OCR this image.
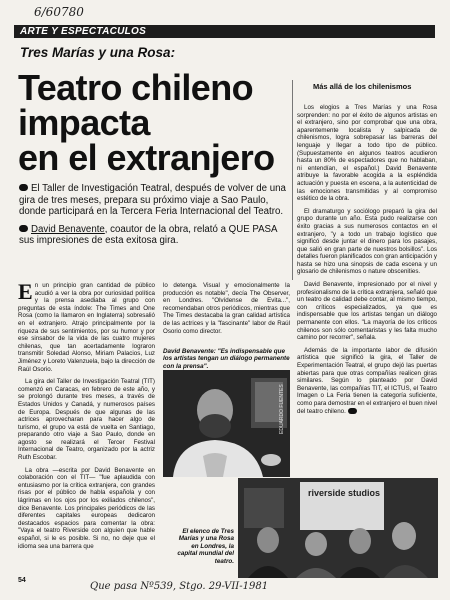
6/60780
ARTE Y ESPECTACULOS
Tres Marías y una Rosa:
Más allá de los chilenismos
Teatro chileno
impacta
en el extranjero

El Taller de Investigación Teatral, después de volver de una gira de tres meses, prepara su próximo viaje a Sao Paulo, donde participará en la Tercera Feria Internacional del Teatro.

David Benavente, coautor de la obra, relató a QUE PASA sus impresiones de esta exitosa gira.

Los elogios a Tres Marías y una Rosa sorprenden: no por el éxito de algunos artistas en el extranjero, sino por comprobar que una obra, aparentemente localista y salpicada de chilenismos, logra sobrepasar las barreras del lenguaje y llegar a todo tipo de público. (Supuestamente en algunos teatros acudieron hasta un 80% de espectadores que no hablaban, ni entendían, el español.) David Benavente atribuye la favorable acogida a la espléndida actuación y puesta en escena, a la autenticidad de las emociones transmitidas y al compromiso estético de la obra.

El dramaturgo y sociólogo preparó la gira del grupo durante un año. Esta pudo realizarse con éxito gracias a sus numerosos contactos en el extranjero, "y a todo un trabajo logístico que significó desde juntar el dinero para los pasajes, que salió en gran parte de nuestros bolsillos". Los detalles fueron planificados con gran anticipación y hasta se hizo una sinopsis de cada escena y un glosario de chilenismos o nature obscenities.

David Benavente, impresionado por el nivel y profesionalismo de la crítica extranjera, señaló que un teatro de calidad debe contar, al mismo tiempo, con críticos especializados, ya que es indispensable que los artistas tengan un diálogo permanente con ellos. "La mayoría de los críticos chilenos son sólo comentaristas y les falta mucho camino por recorrer", señala.

Además de la importante labor de difusión artística que significó la gira, el Taller de Experimentación Teatral, el grupo dejó las puertas abiertas para que otras compañías realicen giras similares. Según lo planteado por David Benavente, las compañías TIT, el ICTUS, el Teatro Imagen o La Feria tienen la categoría suficiente, como para demostrar en el extranjero el buen nivel del teatro chileno.

En un principio gran cantidad de público acudió a ver la obra por curiosidad política y la prensa asediaba al grupo con preguntas de esta índole: The Times and One Rosa (como la llamaron en Inglaterra) sobresalió en el extranjero. Atrajo principalmente por la riqueza de sus sentimientos, por su humor y por ese sinsabor de la vida de las cuatro mujeres chilenas, que tan acertadamente lograron transmitir Soledad Alonso, Miriam Palacios, Luz Jiménez y Loreto Valenzuela, bajo la dirección de Raúl Osorio.

La gira del Taller de Investigación Teatral (TIT) comenzó en Caracas, en febrero de este año, y se prolongó durante tres meses, a través de Estados Unidos y Canadá, y numerosos países de Europa. Después de que algunas de las actrices aprovecharan para hacer algo de turismo, el grupo va está de vuelta en Santiago, preparando otro viaje a Sao Paulo, donde en agosto se realizará el Tercer Festival Internacional de Teatro, organizado por la actriz Ruth Escobar.

La obra —escrita por David Benavente en colaboración con el TIT— "fue aplaudida con entusiasmo por la crítica extranjera, con grandes risas por el público de habla española y con lágrimas en los ojos por los exiliados chilenos", dice Benavente. Los principales periódicos de las diferentes capitales europeas dedicaron destacados espacios para comentar la obra: "Vaya el teatro Riverside con alguien que hable español, si le es posible. Si no, no deje que el idioma sea una barrera que

lo detenga. Visual y emocionalmente la producción es notable", decía The Observer, en Londres. "Olvídense de Evita...", recomendaban otros periódicos, mientras que The Times destacaba la gran calidad artística de las actrices y la "fascinante" labor de Raúl Osorio como director.

David Benavente: "Es indispensable que los artistas tengan un diálogo permanente con la prensa".
EDUARDO FUENTES
El elenco de Tres Marías y una Rosa en Londres, la capital mundial del teatro.
riverside studios
54
Que pasa Nº539, Stgo. 29-VII-1981
